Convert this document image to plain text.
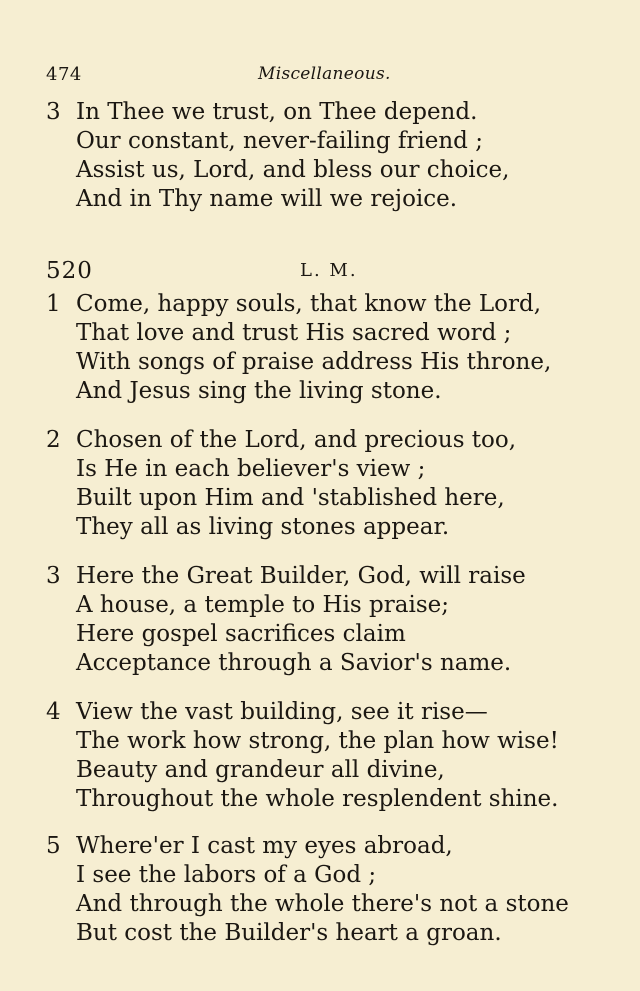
474	Miscellaneous.
3 In Thee we trust, on Thee depend.
Our constant, never-failing friend ;
Assist us, Lord, and bless our choice,
And in Thy name will we rejoice.
520	L. M.
1 Come, happy souls, that know the Lord,
That love and trust His sacred word ;
With songs of praise address His throne,
And Jesus sing the living stone.
2 Chosen of the Lord, and precious too,
Is He in each believer's view ;
Built upon Him and 'stablished here,
They all as living stones appear.
3 Here the Great Builder, God, will raise
A house, a temple to His praise;
Here gospel sacrifices claim
Acceptance through a Savior's name.
4 View the vast building, see it rise—
The work how strong, the plan how wise!
Beauty and grandeur all divine,
Throughout the whole resplendent shine.
5 Where'er I cast my eyes abroad,
I see the labors of a God ;
And through the whole there's not a stone
But cost the Builder's heart a groan.
